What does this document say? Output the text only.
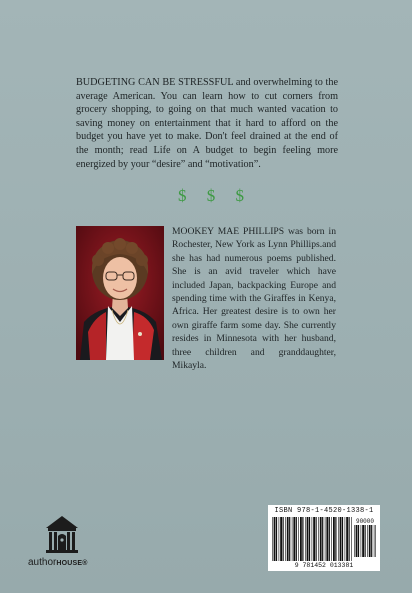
BUDGETING CAN BE STRESSFUL and overwhelming to the average American. You can learn how to cut corners from grocery shopping, to going on that much wanted vacation to saving money on entertainment that it hard to afford on the budget you have yet to make. Don't feel drained at the end of the month; read Life on A budget to begin feeling more energized by your “desire” and “motivation”.

$ $ $

MOOKEY MAE PHILLIPS was born in Rochester, New York as Lynn Phillips.and she has had numerous poems published. She is an avid traveler which have included Japan, backpacking Europe and spending time with the Giraffes in Kenya, Africa. Her greatest desire is to own her own giraffe farm some day. She currently resides in Minnesota with her husband, three children and granddaughter, Mikayla.

ISBN 978-1-4520-1338-1
90000
9 781452 013381
authorHOUSE®
